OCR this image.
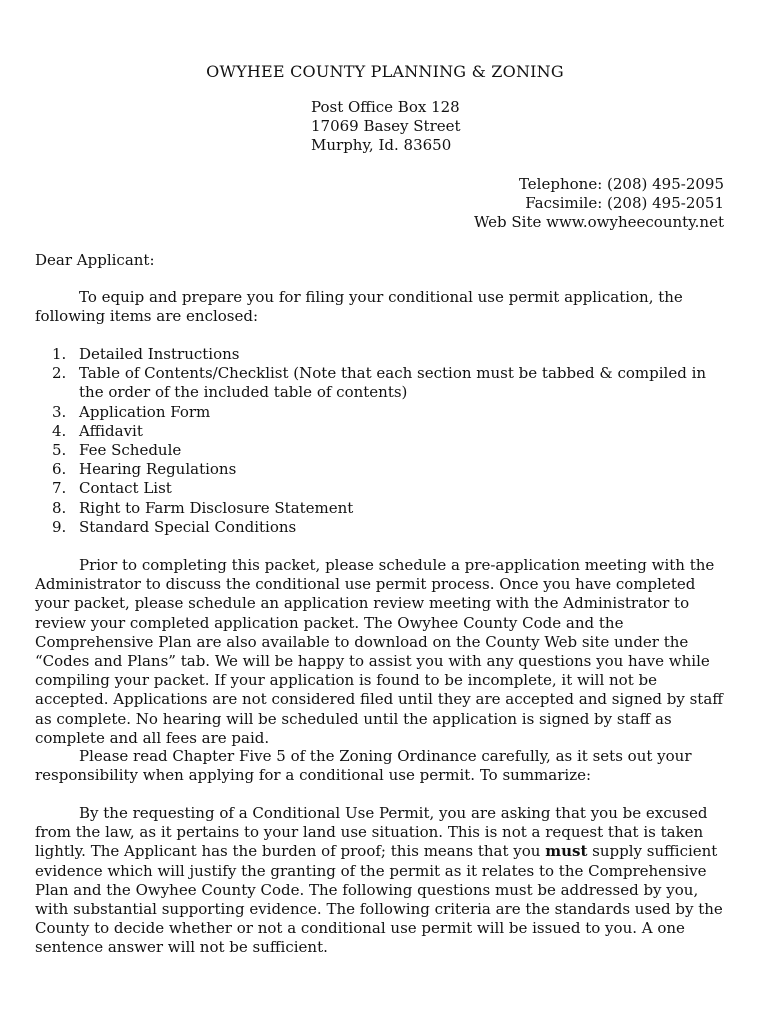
OWYHEE COUNTY PLANNING & ZONING
Post Office Box 128
17069 Basey Street
Murphy, Id. 83650
Telephone: (208) 495-2095
Facsimile: (208) 495-2051
Web Site www.owyheecounty.net
Dear Applicant:

To equip and prepare you for filing your conditional use permit application, the following items are enclosed:

1. Detailed Instructions
2. Table of Contents/Checklist (Note that each section must be tabbed & compiled in the order of the included table of contents)
3. Application Form
4. Affidavit
5. Fee Schedule
6. Hearing Regulations
7. Contact List
8. Right to Farm Disclosure Statement
9. Standard Special Conditions

Prior to completing this packet, please schedule a pre-application meeting with the Administrator to discuss the conditional use permit process. Once you have completed your packet, please schedule an application review meeting with the Administrator to review your completed application packet. The Owyhee County Code and the Comprehensive Plan are also available to download on the County Web site under the “Codes and Plans” tab. We will be happy to assist you with any questions you have while compiling your packet. If your application is found to be incomplete, it will not be accepted. Applications are not considered filed until they are accepted and signed by staff as complete. No hearing will be scheduled until the application is signed by staff as complete and all fees are paid.

Please read Chapter Five 5 of the Zoning Ordinance carefully, as it sets out your responsibility when applying for a conditional use permit. To summarize:

By the requesting of a Conditional Use Permit, you are asking that you be excused from the law, as it pertains to your land use situation. This is not a request that is taken lightly. The Applicant has the burden of proof; this means that you must supply sufficient evidence which will justify the granting of the permit as it relates to the Comprehensive Plan and the Owyhee County Code. The following questions must be addressed by you, with substantial supporting evidence. The following criteria are the standards used by the County to decide whether or not a conditional use permit will be issued to you. A one sentence answer will not be sufficient.
